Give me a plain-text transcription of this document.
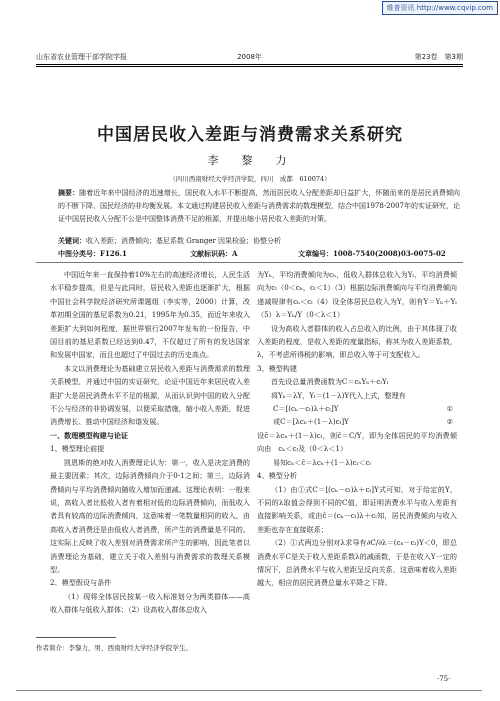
维普资讯 http://www.cqvip.com
山东省农业管理干部学院学报	2008年	第23卷　第3期
中国居民收入差距与消费需求关系研究
李　黎　力
（四川西南财经大学经济学院，四川　成都　610074）
摘要：随着近年来中国经济的迅速增长，国民收入水平不断提高，然而居民收入分配差距却日益扩大，怀随而来的是居民消费倾向的不断下降，国民经济的非均衡发展。本文通过构建居民收入差距与消费需求的数理模型，结合中国1978-2007年的实证研究，论证中国居民收入分配不公是中国整体消费不足的根源，并提出缩小居民收入差距的对策。
关键词：收入差距；消费倾向；基尼系数 Granger 因果检验；协整分析
中图分类号：F126.1	文献标识码：A	文章编号：1008-7540(2008)03-0075-02

中国近年来一直保持着10%左右的高速经济增长，人民生活水平稳步提高，但是与此同时，居民收入差距也逐渐扩大，根据中国社会科学院经济研究所课题组（李实等，2000）计算，改革初期全国的基尼系数为0.21，1995年为0.35，而近年来收入差距扩大到如何程度，据世界银行2007年发布的一份报告，中国目前的基尼系数已经达到0.47，不仅超过了所有的发达国家和发展中国家，而且也超过了中国过去的历史高点。

本文以消费理论为基础建立居民收入差距与消费需求的数理关系模型，并通过中国的实证研究，论证中国近年来居民收入差距扩大是居民消费水平不足的根源，从而认识到中国的收入分配不公与经济的非协调发展，以便采取措施，缩小收入差距，促进消费增长、推动中国经济和谐发展。

一、数理模型构建与论证

1、模型理论前提

凯恩斯的绝对收入消费理论认为：第一，收入是决定消费的最主要因素；其次，边际消费倾向介于0-1之间；第三，边际消费倾向与平均消费倾向随收入增加而递减。这理论表明：一般来说，高收入者比低收入者有着相对低的边际消费倾向，而低收入者具有较高的边际消费倾向，这意味着一笔数量相同的收入，由高收入者消费还是由低收入者消费，所产生的消费量是不同的。这实际上反映了收入差别对消费需求所产生的影响，因此笔者以消费理论为基础，建立关于收入差别与消费需求的数理关系模型。

2、模型假设与条件

（1）现将全体居民按某一收入标准划分为两类群体——高收入群体与低收入群体；（2）设高收入群体总收入

为Yₕ，平均消费倾向为cₕ，低收入群体总收入为Yₗ，平均消费倾向为cₗ（0＜cₕ，cₗ＜1）（3）根据边际消费倾向与平均消费倾向递减规律有cₕ＜cₗ（4）设全体居民总收入为Y，则有Y＝Yₕ＋Yₗ（5）λ＝Yₕ/Y（0＜λ＜1）

设为高收入者群体的收入占总收入的比例，由于其体现了收入差距的程度，是收入差距的度量指标，称其为收入差距系数，λ，不考虑所得税的影响，即总收入等于可支配收入。

3、模型构建

首先设总量消费函数为C＝cₕYₕ＋cₗYₗ

将Yₕ＝λY，Yₗ＝(1－λ)Y代入上式，整理有

C＝[(cₕ－cₗ)λ＋cₗ]Y	①

或C＝[λcₕ＋(1－λ)cₗ]Y	②

设c̄＝λcₕ＋(1－λ)cₗ，则c̄＝C/Y，即为全体居民的平均消费倾向由　cₕ＜cₗ及（0＜λ＜1）

易知cₕ＜c̄＝λcₕ＋(1－λ)cₗ＜cₗ

4、模型分析

（1）由①式C＝[(cₕ－cₗ)λ＋cₗ]Y式可知，对于给定的Y，不同的λ取值会得到不同的C值，即证明消费水平与收入差距有直接影响关系，或由c̄＝(cₕ－cₗ)λ＋cₗ知，居民消费倾向与收入差距也存在直接联系；

（2）①式两边分别对λ求导有∂C/∂λ＝(cₕ－cₗ)Y＜0，即总消费水平C是关于收入差距系数λ的减函数，于是在收入Y一定的情况下，总消费水平与收入差距呈反向关系，这意味着收入差距越大，相应的居民消费总量水平降之下降。

作者简介：李黎力，男，西南财经大学经济学院学生。
·75·
